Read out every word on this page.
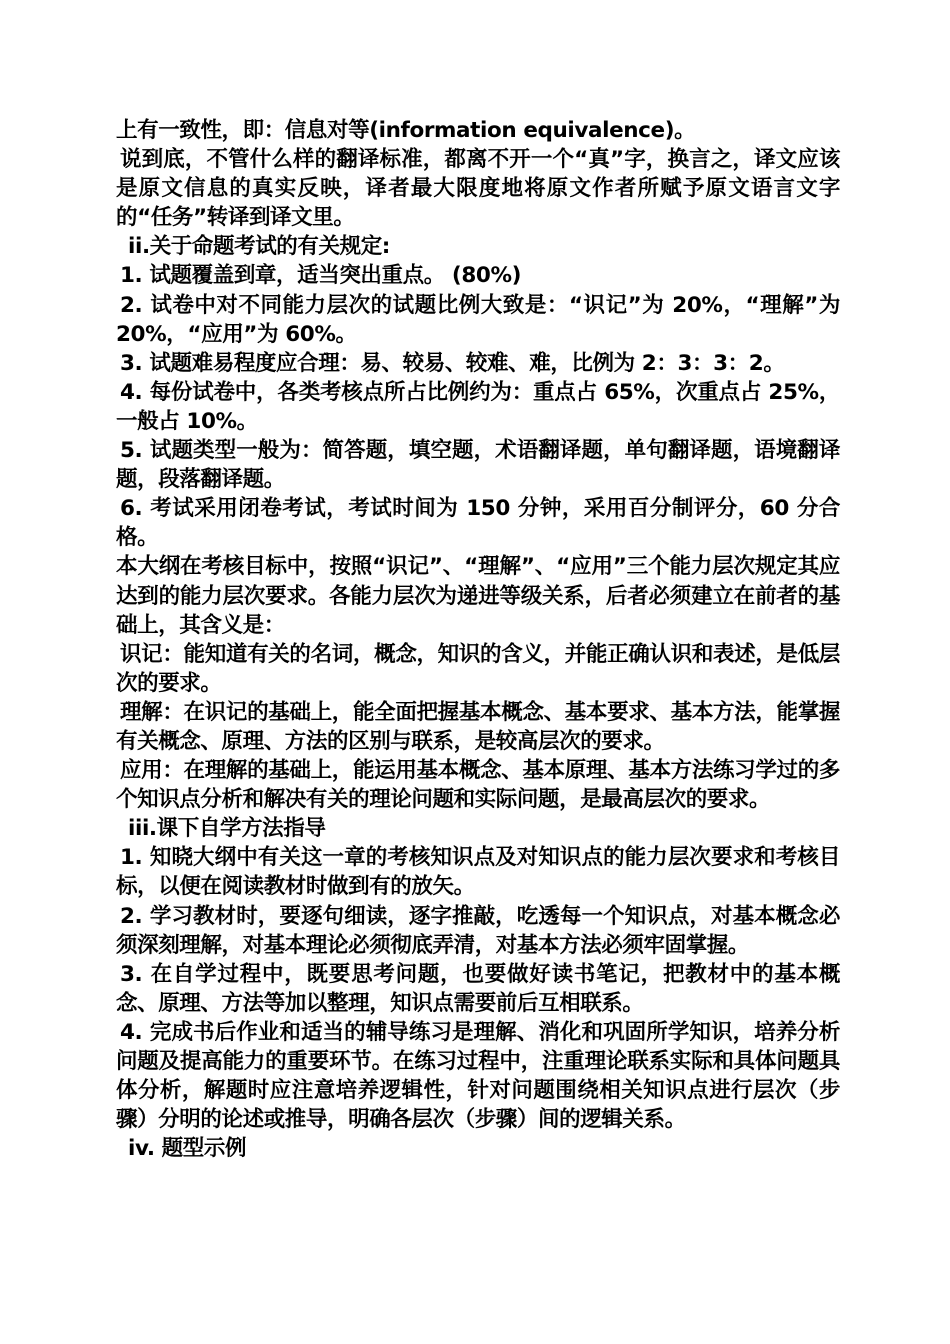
上有一致性，即：信息对等(information equivalence)。

说到底，不管什么样的翻译标准，都离不开一个“真”字，换言之，译文应该是原文信息的真实反映，译者最大限度地将原文作者所赋予原文语言文字的“任务”转译到译文里。

ii.关于命题考试的有关规定:

1. 试题覆盖到章，适当突出重点。 (80%)

2. 试卷中对不同能力层次的试题比例大致是：“识记”为 20%，“理解”为 20%，“应用”为 60%。

3. 试题难易程度应合理：易、较易、较难、难，比例为 2：3：3：2。

4. 每份试卷中，各类考核点所占比例约为：重点占 65%，次重点占 25%，一般占 10%。

5. 试题类型一般为：简答题，填空题，术语翻译题，单句翻译题，语境翻译题，段落翻译题。

6. 考试采用闭卷考试，考试时间为 150 分钟，采用百分制评分，60 分合格。

本大纲在考核目标中，按照“识记”、“理解”、“应用”三个能力层次规定其应达到的能力层次要求。各能力层次为递进等级关系，后者必须建立在前者的基础上，其含义是：

识记：能知道有关的名词，概念，知识的含义，并能正确认识和表述，是低层次的要求。

理解：在识记的基础上，能全面把握基本概念、基本要求、基本方法，能掌握有关概念、原理、方法的区别与联系，是较高层次的要求。

应用：在理解的基础上，能运用基本概念、基本原理、基本方法练习学过的多个知识点分析和解决有关的理论问题和实际问题，是最高层次的要求。

iii.课下自学方法指导

1. 知晓大纲中有关这一章的考核知识点及对知识点的能力层次要求和考核目标，以便在阅读教材时做到有的放矢。

2. 学习教材时，要逐句细读，逐字推敲，吃透每一个知识点，对基本概念必须深刻理解，对基本理论必须彻底弄清，对基本方法必须牢固掌握。

3. 在自学过程中，既要思考问题，也要做好读书笔记，把教材中的基本概念、原理、方法等加以整理，知识点需要前后互相联系。

4. 完成书后作业和适当的辅导练习是理解、消化和巩固所学知识，培养分析问题及提高能力的重要环节。在练习过程中，注重理论联系实际和具体问题具体分析，解题时应注意培养逻辑性，针对问题围绕相关知识点进行层次（步骤）分明的论述或推导，明确各层次（步骤）间的逻辑关系。

iv. 题型示例
